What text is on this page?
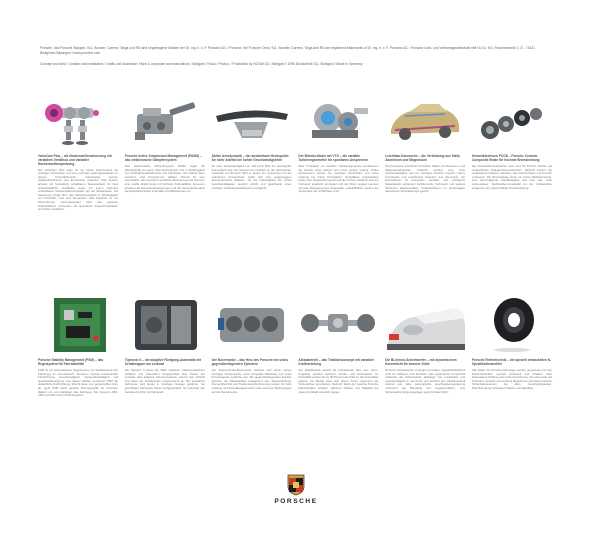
Porsche, das Porsche Wappen, 911, Boxster, Carrera, Targa und RS sind eingetragene Marken der Dr. Ing. h. c. F. Porsche AG. / Porsche, the Porsche Crest, 911, Boxster, Carrera, Targa and RS are registered trademarks of Dr. Ing. h. c. F. Porsche AG. / Porsche Licht- und Vertriebsgesellschaft mbH & Co. KG, Porschestraße 2, D - 74321 Bietigheim-Bissingen / www.porsche.com

Concept and idea / Creation and realisation / Grafik und Illustration: Hiam & corporate communications, Stuttgart // Fotos / Photos: / Produktion by BCGW GD, Stuttgart // 1996 Druckerfolk GD, Stuttgart // Made in Germany

VarioCam Plus – die Nockenwellensteuerung mit variablem Ventilhub und variabler Nockenwellenspreizung
Der VarioCam Plus sorgt für ein hohes Drehmoment bei niedrigen Drehzahlen und eine optimale Leistungsausbeute im oberen Drehzahlbereich. Gleichzeitig werden Kraftstoffverbrauch und Emissionen reduziert. Das System arbeitet mit hydraulisch schaltbaren Tassenstößeln für zwei unterschiedliche Ventilhübe sowie mit einem stufenlos verstellbaren Nockenwellenversteller auf der Einlassseite. Die Steuerung erfolgt über das Motorsteuergerät in Abhängigkeit von Drehzahl, Last und Temperatur. Das Ergebnis ist ein harmonischer Leistungsverlauf über das gesamte Drehzahlband, verbunden mit spontanem Ansprechverhalten und hoher Laufkultur.
Porsche Active Suspension Management (PASM) – das elektronische Dämpfersystem
Das elektronische Dämpfersystem PASM regelt die Dämpferkraft an jedem Rad kontinuierlich und in Abhängigkeit von Fahrbahnbeschaffenheit und Fahrweise. Der Fahrer kann zwischen zwei Programmen wählen: Normal für eine komfortable, aber dennoch sportliche Abstimmung und Sport für eine straffe Abstimmung mit höchster Fahrstabilität. Sensoren erfassen die Karosseriebewegungen und das Steuergerät passt die Dämpferkennlinie innerhalb von Millisekunden an.
Aktive Aerodynamik – der ausfahrbare Heckspoiler für mehr Abtrieb bei hohen Geschwindigkeiten
Ab einer Geschwindigkeit von 120 km/h fährt der Heckspoiler automatisch aus und reduziert den Auftrieb an der Hinterachse. Unterhalb von 80 km/h fährt er wieder ein. Zusammen mit der optimierten Frontschürze ergibt sich eine ausgewogene aerodynamische Balance, die die Fahrstabilität bei hohen Geschwindigkeiten deutlich erhöht und gleichzeitig einen niedrigen Luftwiderstandsbeiwert ermöglicht.
Der Biturbo-Motor mit VTG – die variable Turbinengeometrie für spontanes Ansprechen
Zwei Turbolader mit variabler Turbinengeometrie kombinieren die Vorteile eines kleinen und eines großen Laders: hohes Drehmoment bereits bei niedrigen Drehzahlen und hohe Leistung bei hohen Drehzahlen. Verstellbare Leitschaufeln lenken den Abgasstrom gezielt auf die Turbine. Dadurch wird ein Turboloch praktisch vermieden und der Motor reagiert spontan auf jede Bewegung des Gaspedals. Ladeluftkühler senken die Temperatur der verdichteten Luft.
Leichtbau-Karosserie – die Verbindung aus Stahl, Aluminium und Magnesium
Die Karosserie kombiniert hochfeste Stähle mit Aluminium- und Magnesiumbauteilen. Dadurch werden eine hohe Torsionssteifigkeit und ein niedriges Gewicht erreicht. Türen, Fronthaube und Heckdeckel bestehen aus Aluminium, der Dachrahmen ist besonders verstärkt. Die intelligente Materialwahl verbessert Fahrdynamik, Verbrauch und passive Sicherheit gleichermaßen. Crashstrukturen im Vorderwagen absorbieren Aufprallenergie gezielt.
Keramikbremsen PCCB – Porsche Ceramic Composite Brake für höchste Bremsleistung
Die Keramikbremsscheiben sind rund 50 Prozent leichter als vergleichbare Graugussbremsscheiben. Dadurch werden die ungefederten Massen reduziert, was Fahrverhalten und Komfort verbessert. Die Bremsanlage bietet ein hohes Reibwertniveau, eine hervorragende Standfestigkeit und eine sehr hohe Lebensdauer. Sechskolben-Festsättel an der Vorderachse sorgen für eine gleichmäßige Druckverteilung.
Porsche Stability Management (PSM) – das Regelsystem für Fahrstabilität
PSM ist ein automatisches Regelsystem zur Stabilisierung des Fahrzeugs im Grenzbereich. Sensoren messen kontinuierlich Fahrtrichtung, Geschwindigkeit, Giergeschwindigkeit und Querbeschleunigung. Aus diesen Werten berechnet PSM die tatsächliche Fahrtrichtung. Weicht diese vom gewünschten Kurs ab, greift PSM durch gezielte Bremseingriffe an einzelnen Rädern ein und stabilisiert das Fahrzeug. Die Systeme ABS, ABD und ASR sind in PSM integriert.
Tiptronic S – die adaptive Fünfgang-Automatik mit Schaltwippen am Lenkrad
Die Tiptronic S bietet die Wahl zwischen vollautomatischem Schalten und manuellem Gangwechsel über Tasten am Lenkrad. Das adaptive Steuerprogramm erkennt den Fahrstil und passt die Schaltpunkte entsprechend an. Bei sportlicher Fahrweise wird länger in niedrigen Gängen gefahren, bei gemäßigter Fahrweise früher hochgeschaltet. So verbindet das Getriebe Komfort mit Fahrspaß.
Der Boxermotor – das Herz des Porsche mit sechs gegenüberliegenden Zylindern
Der Sechszylinder-Boxermotor zeichnet sich durch seinen niedrigen Schwerpunkt, seine kompakte Bauweise und seine hervorragende Laufruhe aus. Die gegenüberliegenden Zylinder gleichen die Massenkräfte weitgehend aus. Wasserkühlung, Vierventiltechnik und Trockensumpfschmierung sorgen für hohe Leistung und Zuverlässigkeit auch unter extremen Bedingungen auf der Rennstrecke.
Allradantrieb – das Traktionskonzept mit variabler Kraftverteilung
Der Allradantrieb verteilt die Antriebskraft über eine Visco-Kupplung variabel zwischen Vorder- und Hinterachse. Im Normalfall werden bis zu 95 Prozent der Kraft an die Hinterräder geleitet, bei Bedarf kann sich dieser Anteil zugunsten der Vorderachse verschieben. Dadurch bleibt der typische Porsche Fahrcharakter erhalten, während Traktion und Stabilität auf nasser Fahrbahn deutlich steigen.
Die Bi-Xenon-Scheinwerfer – mit dynamischem Kurvenlicht für bessere Sicht
Bi-Xenon-Scheinwerfer erzeugen ein helles, tageslichtähnliches Licht für Abblend- und Fernlicht. Das dynamische Kurvenlicht schwenkt die Scheinwerfer abhängig von Lenkwinkel und Geschwindigkeit in die Kurve und leuchtet den Straßenverlauf optimal aus. Eine automatische Leuchtweitenregulierung verhindert die Blendung des Gegenverkehrs, eine Scheinwerferreinigungsanlage sorgt für klare Sicht.
Porsche Reifentechnik – die speziell entwickelten N-Spezifikationsreifen
Alle Reifen für Porsche Fahrzeuge werden gemeinsam mit den Reifenherstellern speziell entwickelt und erhalten nach bestandener Prüfung eine N-Kennzeichnung. Sie sind exakt auf Fahrwerk, Gewicht und Leistung abgestimmt und bieten höchste Sicherheitsreserven bei allen Geschwindigkeiten. Mischbereifung verbessert Traktion und Handling.
PORSCHE
